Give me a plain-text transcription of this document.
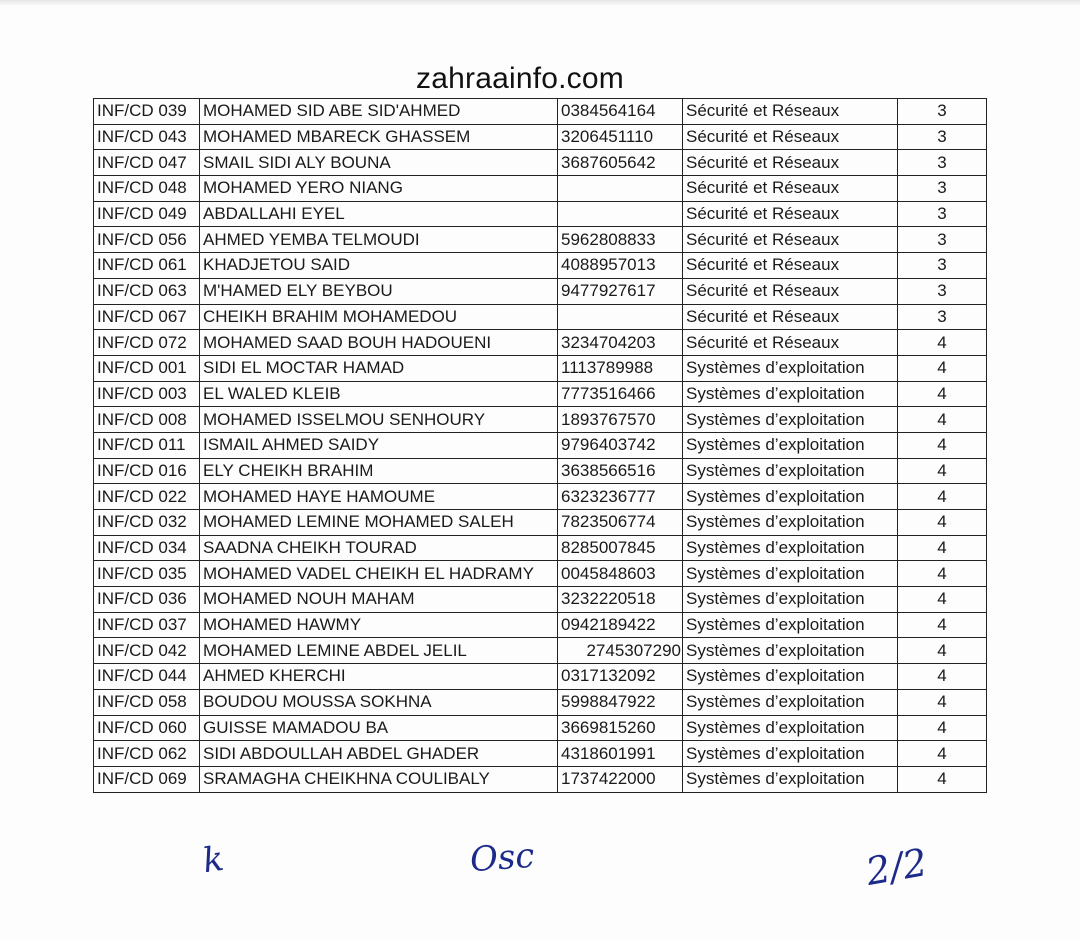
zahraainfo.com
INF/CD 039	MOHAMED SID ABE SID'AHMED	0384564164	Sécurité et Réseaux	3
INF/CD 043	MOHAMED MBARECK GHASSEM	3206451110	Sécurité et Réseaux	3
INF/CD 047	SMAIL SIDI ALY BOUNA	3687605642	Sécurité et Réseaux	3
INF/CD 048	MOHAMED YERO NIANG		Sécurité et Réseaux	3
INF/CD 049	ABDALLAHI EYEL		Sécurité et Réseaux	3
INF/CD 056	AHMED YEMBA TELMOUDI	5962808833	Sécurité et Réseaux	3
INF/CD 061	KHADJETOU SAID	4088957013	Sécurité et Réseaux	3
INF/CD 063	M'HAMED ELY BEYBOU	9477927617	Sécurité et Réseaux	3
INF/CD 067	CHEIKH BRAHIM MOHAMEDOU		Sécurité et Réseaux	3
INF/CD 072	MOHAMED SAAD BOUH HADOUENI	3234704203	Sécurité et Réseaux	4
INF/CD 001	SIDI EL MOCTAR HAMAD	1113789988	Systèmes d’exploitation	4
INF/CD 003	EL WALED KLEIB	7773516466	Systèmes d’exploitation	4
INF/CD 008	MOHAMED ISSELMOU SENHOURY	1893767570	Systèmes d’exploitation	4
INF/CD 011	ISMAIL AHMED SAIDY	9796403742	Systèmes d’exploitation	4
INF/CD 016	ELY CHEIKH BRAHIM	3638566516	Systèmes d’exploitation	4
INF/CD 022	MOHAMED HAYE HAMOUME	6323236777	Systèmes d’exploitation	4
INF/CD 032	MOHAMED LEMINE MOHAMED SALEH	7823506774	Systèmes d’exploitation	4
INF/CD 034	SAADNA CHEIKH TOURAD	8285007845	Systèmes d’exploitation	4
INF/CD 035	MOHAMED VADEL CHEIKH EL HADRAMY	0045848603	Systèmes d’exploitation	4
INF/CD 036	MOHAMED NOUH MAHAM	3232220518	Systèmes d’exploitation	4
INF/CD 037	MOHAMED HAWMY	0942189422	Systèmes d’exploitation	4
INF/CD 042	MOHAMED LEMINE ABDEL JELIL	2745307290	Systèmes d’exploitation	4
INF/CD 044	AHMED KHERCHI	0317132092	Systèmes d’exploitation	4
INF/CD 058	BOUDOU MOUSSA SOKHNA	5998847922	Systèmes d’exploitation	4
INF/CD 060	GUISSE MAMADOU BA	3669815260	Systèmes d’exploitation	4
INF/CD 062	SIDI ABDOULLAH ABDEL GHADER	4318601991	Systèmes d’exploitation	4
INF/CD 069	SRAMAGHA CHEIKHNA COULIBALY	1737422000	Systèmes d’exploitation	4
k	Osc	2/2
